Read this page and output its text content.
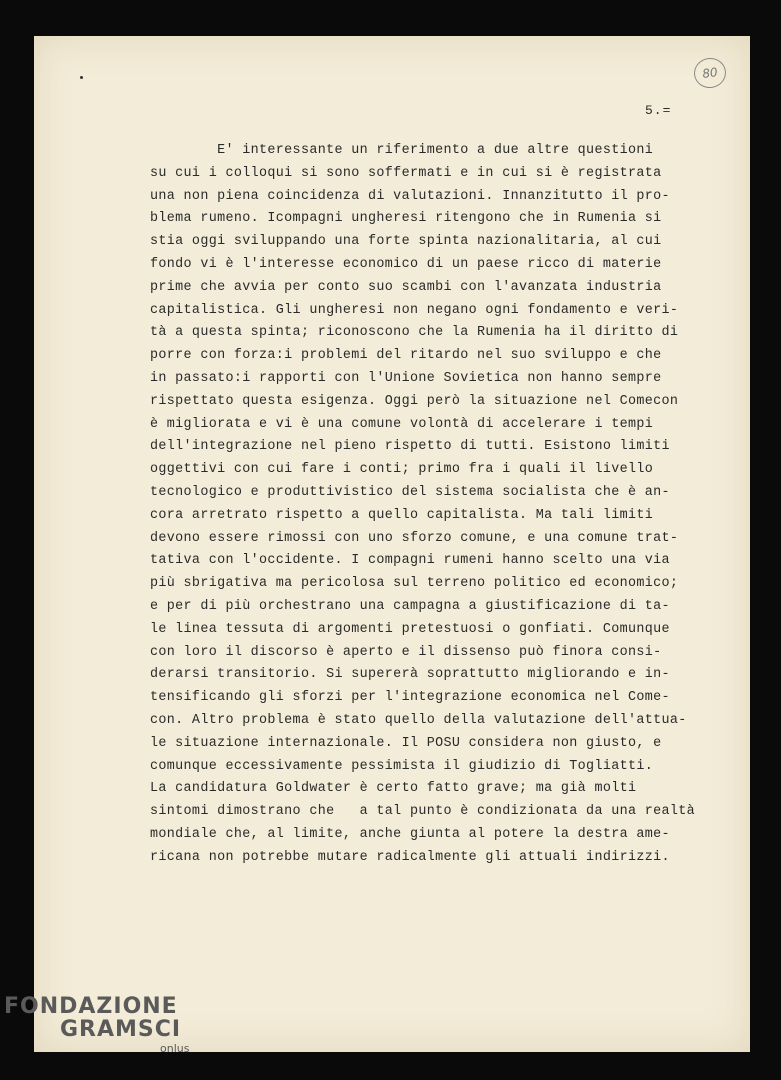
80
5.=
E' interessante un riferimento a due altre questioni
su cui i colloqui si sono soffermati e in cui si è registrata
una non piena coincidenza di valutazioni. Innanzitutto il pro-
blema rumeno. Icompagni ungheresi ritengono che in Rumenia si
stia oggi sviluppando una forte spinta nazionalitaria, al cui
fondo vi è l'interesse economico di un paese ricco di materie
prime che avvia per conto suo scambi con l'avanzata industria
capitalistica. Gli ungheresi non negano ogni fondamento e veri-
tà a questa spinta; riconoscono che la Rumenia ha il diritto di
porre con forza:i problemi del ritardo nel suo sviluppo e che
in passato:i rapporti con l'Unione Sovietica non hanno sempre
rispettato questa esigenza. Oggi però la situazione nel Comecon
è migliorata e vi è una comune volontà di accelerare i tempi
dell'integrazione nel pieno rispetto di tutti. Esistono limiti
oggettivi con cui fare i conti; primo fra i quali il livello
tecnologico e produttivistico del sistema socialista che è an-
cora arretrato rispetto a quello capitalista. Ma tali limiti
devono essere rimossi con uno sforzo comune, e una comune trat-
tativa con l'occidente. I compagni rumeni hanno scelto una via
più sbrigativa ma pericolosa sul terreno politico ed economico;
e per di più orchestrano una campagna a giustificazione di ta-
le linea tessuta di argomenti pretestuosi o gonfiati. Comunque
con loro il discorso è aperto e il dissenso può finora consi-
derarsi transitorio. Si supererà soprattutto migliorando e in-
tensificando gli sforzi per l'integrazione economica nel Come-
con. Altro problema è stato quello della valutazione dell'attua-
le situazione internazionale. Il POSU considera non giusto, e
comunque eccessivamente pessimista il giudizio di Togliatti.
La candidatura Goldwater è certo fatto grave; ma già molti
sintomi dimostrano che   a tal punto è condizionata da una realtà
mondiale che, al limite, anche giunta al potere la destra ame-
ricana non potrebbe mutare radicalmente gli attuali indirizzi.
FONDAZIONE
GRAMSCI
onlus
